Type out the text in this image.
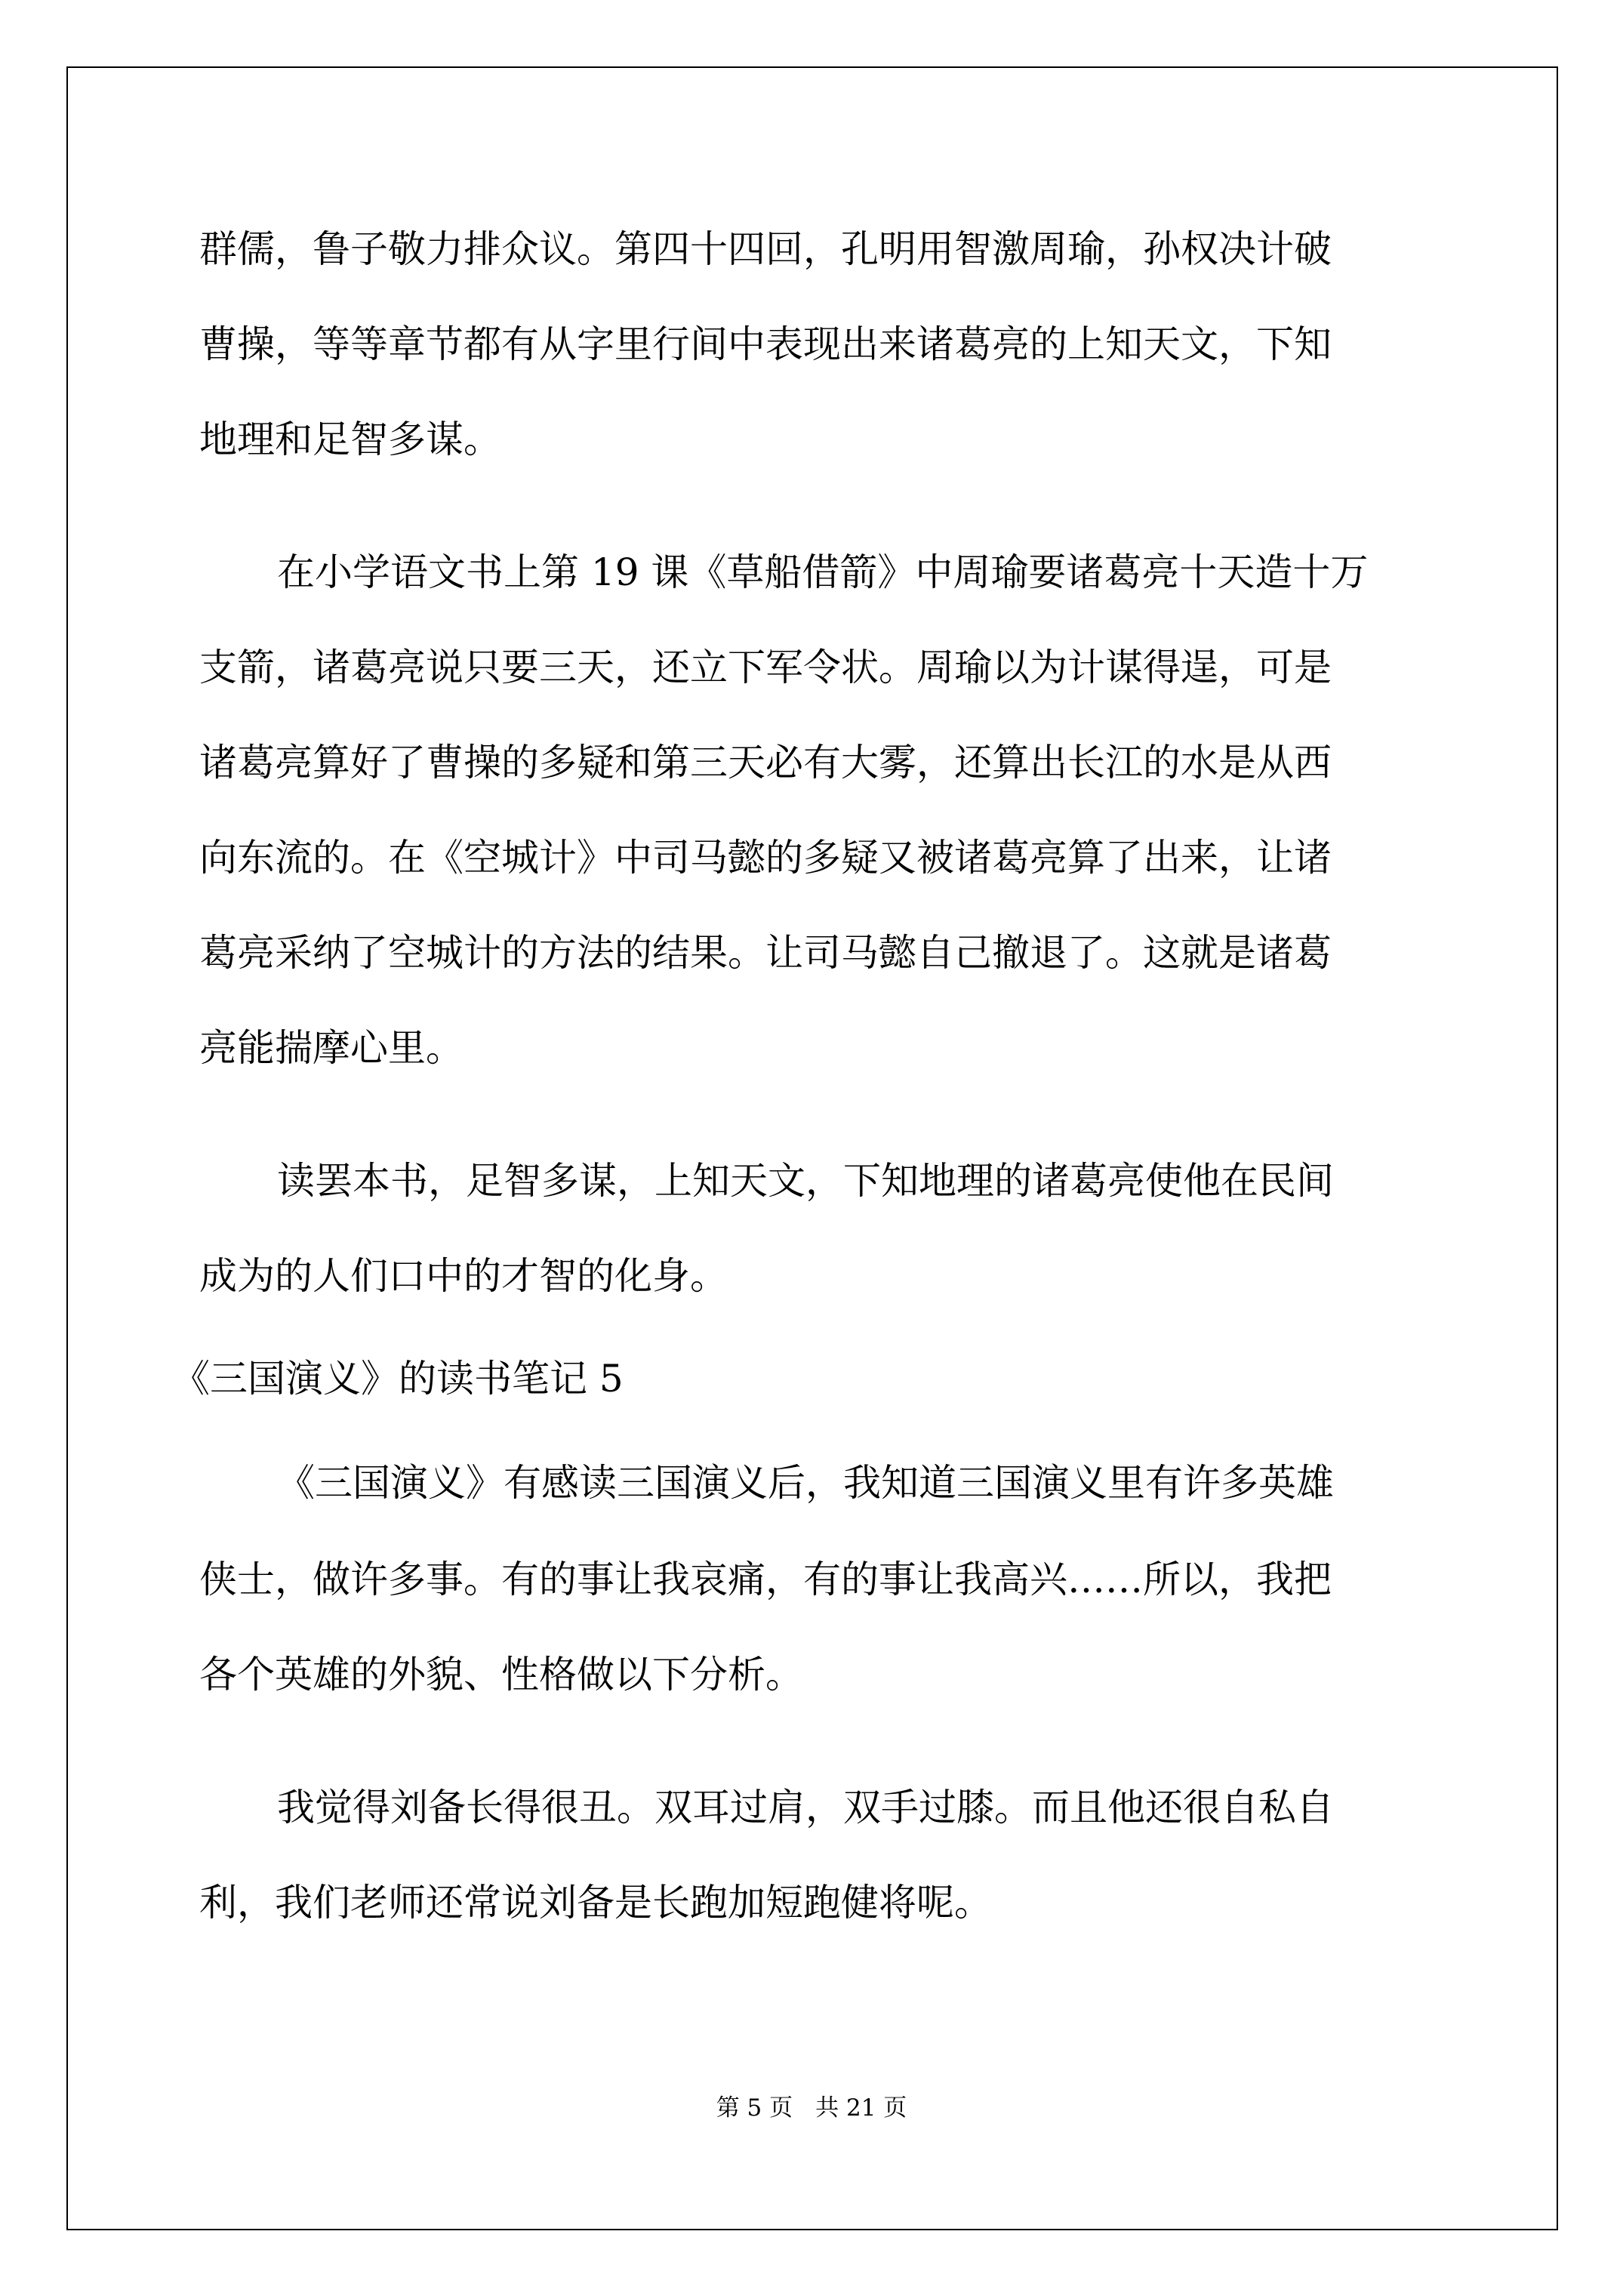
群儒，鲁子敬力排众议。第四十四回，孔明用智激周瑜，孙权决计破
曹操，等等章节都有从字里行间中表现出来诸葛亮的上知天文，下知
地理和足智多谋。
在小学语文书上第 19 课《草船借箭》中周瑜要诸葛亮十天造十万
支箭，诸葛亮说只要三天，还立下军令状。周瑜以为计谋得逞，可是
诸葛亮算好了曹操的多疑和第三天必有大雾，还算出长江的水是从西
向东流的。在《空城计》中司马懿的多疑又被诸葛亮算了出来，让诸
葛亮采纳了空城计的方法的结果。让司马懿自己撤退了。这就是诸葛
亮能揣摩心里。
读罢本书，足智多谋，上知天文，下知地理的诸葛亮使他在民间
成为的人们口中的才智的化身。
《三国演义》的读书笔记 5
《三国演义》有感读三国演义后，我知道三国演义里有许多英雄
侠士，做许多事。有的事让我哀痛，有的事让我高兴……所以，我把
各个英雄的外貌、性格做以下分析。
我觉得刘备长得很丑。双耳过肩，双手过膝。而且他还很自私自
利，我们老师还常说刘备是长跑加短跑健将呢。
第 5 页 共 21 页
